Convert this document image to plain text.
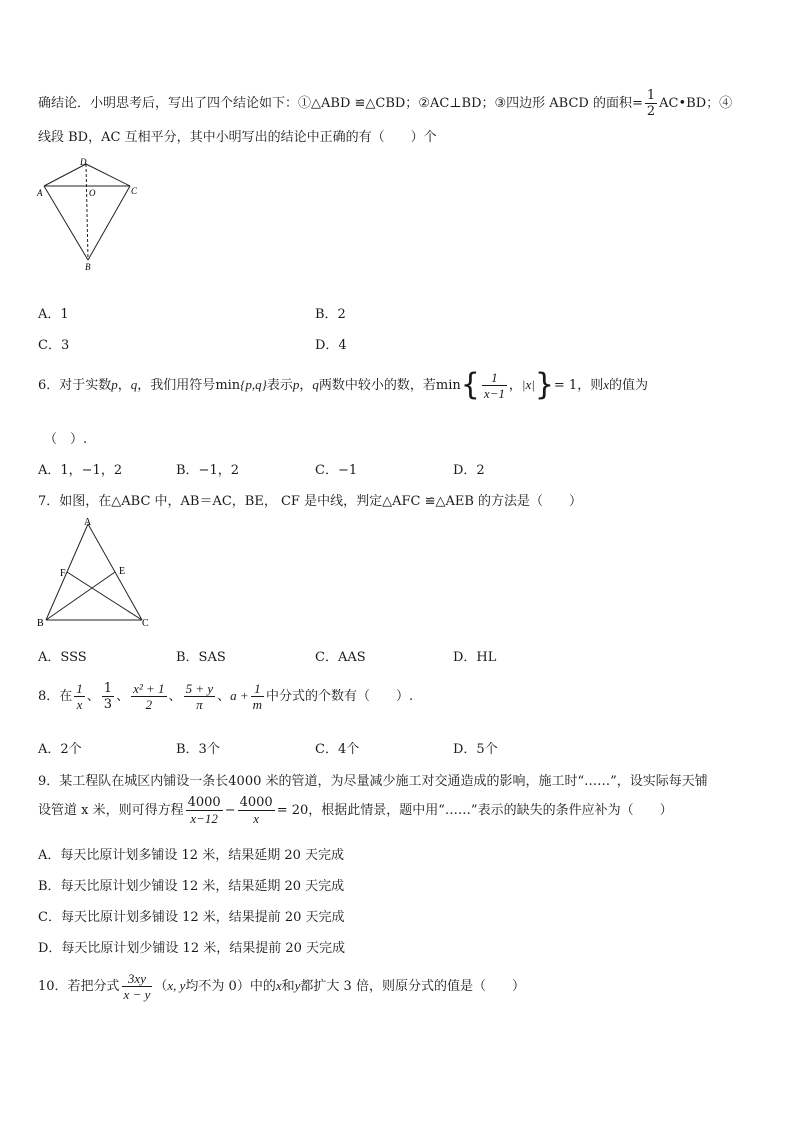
确结论．小明思考后，写出了四个结论如下：①△ABD ≌△CBD；②AC⊥BD；③四边形 ABCD 的面积= $\frac{1}{2}$ AC•BD；④
线段 BD，AC 互相平分，其中小明写出的结论中正确的有（　　）个
D
A	O	C
B
A．1	B．2
C．3	D．4
6．对于实数p，q，我们用符号min{p,q}表示p，q两数中较小的数，若$\min\{ \frac{1}{x-1}$ ，|x|}= 1，则x的值为
（　）.
A．1，−1，2	B．−1，2	C．−1	D．2
7．如图，在△ABC 中，AB＝AC，BE， CF 是中线，判定△AFC ≌△AEB 的方法是（　　）
A
F	E
B	C
A．SSS	B．SAS	C．AAS	D．HL
8．在 $\frac{1}{x}$ 、 $\frac{1}{3}$ 、 $\frac{\text{x² + 1}}{2}$ 、 $\frac{5 + y}{\pi}$ 、$a + \frac{1}{m}$ 中分式的个数有（　　）.
A．2个	B．3个	C．4个	D．5个
9．某工程队在城区内铺设一条长4000 米的管道，为尽量减少施工对交通造成的影响，施工时“……”，设实际每天铺
设管道 x 米，则可得方程 $\frac{4000}{x-12} - \frac{4000}{x} = 20$，根据此情景，题中用“……”表示的缺失的条件应补为（　　）
A．每天比原计划多铺设 12 米，结果延期 20 天完成
B．每天比原计划少铺设 12 米，结果延期 20 天完成
C．每天比原计划多铺设 12 米，结果提前 20 天完成
D．每天比原计划少铺设 12 米，结果提前 20 天完成
10．若把分式 $\frac{3xy}{x - y} (x$, y均不为 0）中的x和y都扩大 3 倍，则原分式的值是（　　）
